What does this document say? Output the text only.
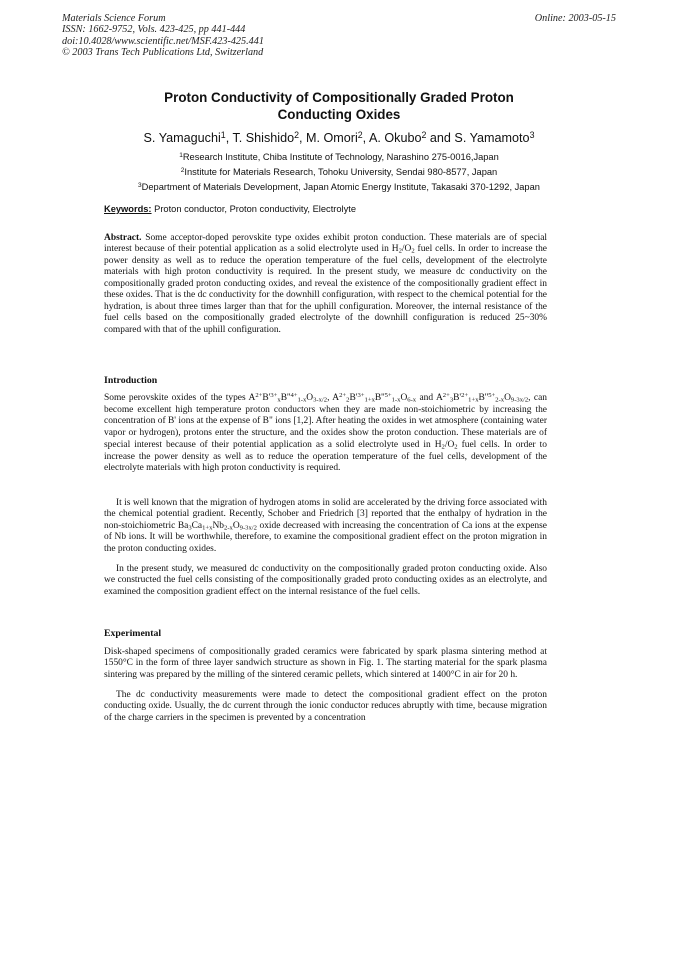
Materials Science Forum
ISSN: 1662-9752, Vols. 423-425, pp 441-444
doi:10.4028/www.scientific.net/MSF.423-425.441
© 2003 Trans Tech Publications Ltd, Switzerland
Online: 2003-05-15
Proton Conductivity of Compositionally Graded Proton
Conducting Oxides
S. Yamaguchi$^1$, T. Shishido$^2$, M. Omori$^2$, A. Okubo$^2$ and S. Yamamoto$^3$
$^1$Research Institute, Chiba Institute of Technology, Narashino 275-0016,Japan
$^2$Institute for Materials Research, Tohoku University, Sendai 980-8577, Japan
$^3$Department of Materials Development, Japan Atomic Energy Institute, Takasaki 370-1292, Japan
Keywords: Proton conductor, Proton conductivity, Electrolyte
Abstract. Some acceptor-doped perovskite type oxides exhibit proton conduction. These materials are of special interest because of their potential application as a solid electrolyte used in $H_2/O_2$ fuel cells. In order to increase the power density as well as to reduce the operation temperature of the fuel cells, development of the electrolyte materials with high proton conductivity is required. In the present study, we measure dc conductivity on the compositionally graded proton conducting oxides, and reveal the existence of the compositionally gradient effect in these oxides. That is the dc conductivity for the downhill configuration, with respect to the chemical potential for the hydration, is about three times larger than that for the uphill configuration. Moreover, the internal resistance of the fuel cells based on the compositionally graded electrolyte of the downhill configuration is reduced 25~30% compared with that of the uphill configuration.
Introduction
Some perovskite oxides of the types $A^{2+}B'^{3+}_xB''^{4+}_{1-x}O_{3-x/2}$, $A^{2+}_2B'^{3+}_{1+x}B''^{5+}_{1-x}O_{6-x}$ and $A^{2+}_3B'^{2+}_{1+x}B''^{5+}_{2-x}O_{9-3x/2}$, can become excellent high temperature proton conductors when they are made non-stoichiometric by increasing the concentration of B' ions at the expense of B" ions [1,2]. After heating the oxides in wet atmosphere (containing water vapor or hydrogen), protons enter the structure, and the oxides show the proton conduction. These materials are of special interest because of their potential application as a solid electrolyte used in $H_2/O_2$ fuel cells. In order to increase the power density as well as to reduce the operation temperature of the fuel cells, development of the electrolyte materials with high proton conductivity is required.
It is well known that the migration of hydrogen atoms in solid are accelerated by the driving force associated with the chemical potential gradient. Recently, Schober and Friedrich [3] reported that the enthalpy of hydration in the non-stoichiometric $Ba_3Ca_{1+x}Nb_{2-x}O_{9-3x/2}$ oxide decreased with increasing the concentration of Ca ions at the expense of Nb ions. It will be worthwhile, therefore, to examine the compositional gradient effect on the proton migration in the proton conducting oxides.
In the present study, we measured dc conductivity on the compositionally graded proton conducting oxide. Also we constructed the fuel cells consisting of the compositionally graded proto conducting oxides as an electrolyte, and examined the composition gradient effect on the internal resistance of the fuel cells.
Experimental
Disk-shaped specimens of compositionally graded ceramics were fabricated by spark plasma sintering method at 1550°C in the form of three layer sandwich structure as shown in Fig. 1. The starting material for the spark plasma sintering was prepared by the milling of the sintered ceramic pellets, which sintered at 1400°C in air for 20 h.
The dc conductivity measurements were made to detect the compositional gradient effect on the proton conducting oxide. Usually, the dc current through the ionic conductor reduces abruptly with time, because migration of the charge carriers in the specimen is prevented by a concentration
